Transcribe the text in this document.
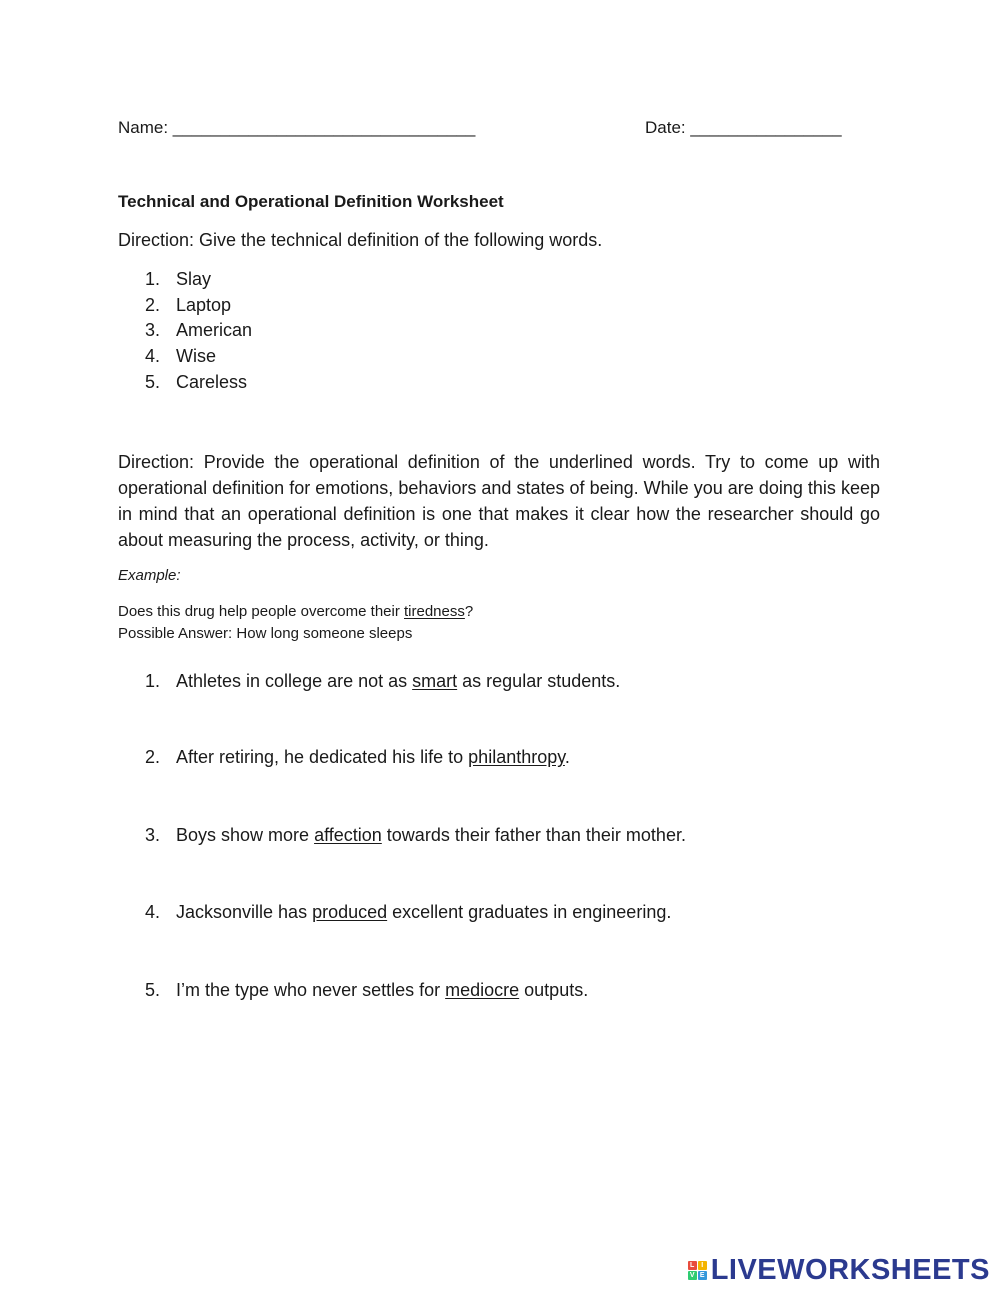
Name: ________________________________	Date: ________________
Technical and Operational Definition Worksheet
Direction: Give the technical definition of the following words.
1. Slay
2. Laptop
3. American
4. Wise
5. Careless
Direction: Provide the operational definition of the underlined words. Try to come up with operational definition for emotions, behaviors and states of being. While you are doing this keep in mind that an operational definition is one that makes it clear how the researcher should go about measuring the process, activity, or thing.
Example:
Does this drug help people overcome their tiredness?
Possible Answer: How long someone sleeps
1. Athletes in college are not as smart as regular students.
2. After retiring, he dedicated his life to philanthropy.
3. Boys show more affection towards their father than their mother.
4. Jacksonville has produced excellent graduates in engineering.
5. I’m the type who never settles for mediocre outputs.
L I
V E LIVEWORKSHEETS
